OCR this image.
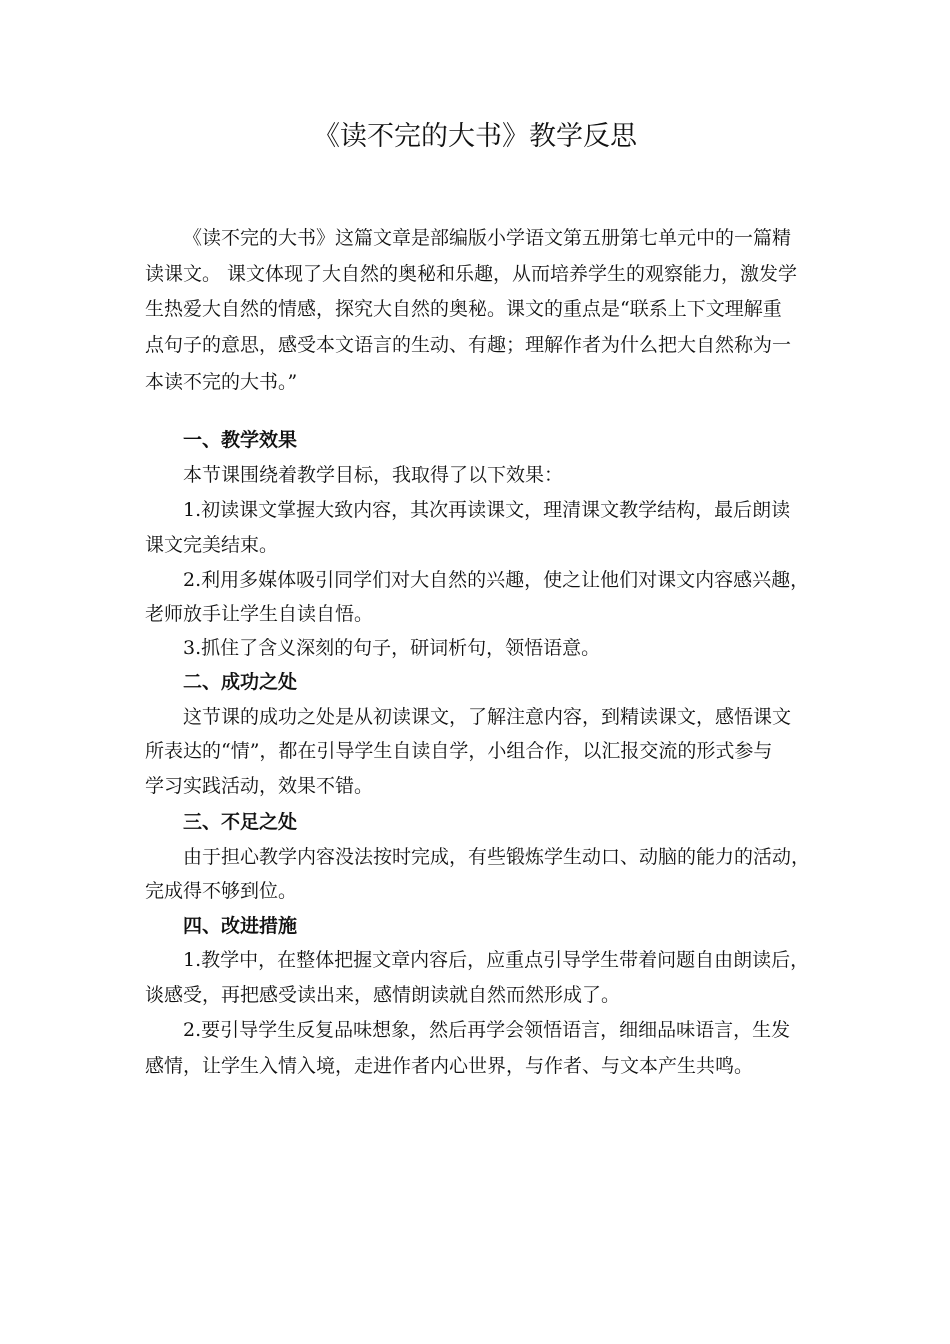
《读不完的大书》教学反思
《读不完的大书》这篇文章是部编版小学语文第五册第七单元中的一篇精
读课文。 课文体现了大自然的奥秘和乐趣，从而培养学生的观察能力，激发学
生热爱大自然的情感，探究大自然的奥秘。课文的重点是“联系上下文理解重
点句子的意思，感受本文语言的生动、有趣；理解作者为什么把大自然称为一
本读不完的大书。”
一、教学效果
本节课围绕着教学目标，我取得了以下效果：
1.初读课文掌握大致内容，其次再读课文，理清课文教学结构，最后朗读
课文完美结束。
2.利用多媒体吸引同学们对大自然的兴趣，使之让他们对课文内容感兴趣，
老师放手让学生自读自悟。
3.抓住了含义深刻的句子，研词析句，领悟语意。
二、成功之处
这节课的成功之处是从初读课文，了解注意内容，到精读课文，感悟课文
所表达的“情”，都在引导学生自读自学，小组合作，以汇报交流的形式参与
学习实践活动，效果不错。
三、不足之处
由于担心教学内容没法按时完成，有些锻炼学生动口、动脑的能力的活动，
完成得不够到位。
四、改进措施
1.教学中，在整体把握文章内容后，应重点引导学生带着问题自由朗读后，
谈感受，再把感受读出来，感情朗读就自然而然形成了。
2.要引导学生反复品味想象，然后再学会领悟语言，细细品味语言，生发
感情，让学生入情入境，走进作者内心世界，与作者、与文本产生共鸣。
